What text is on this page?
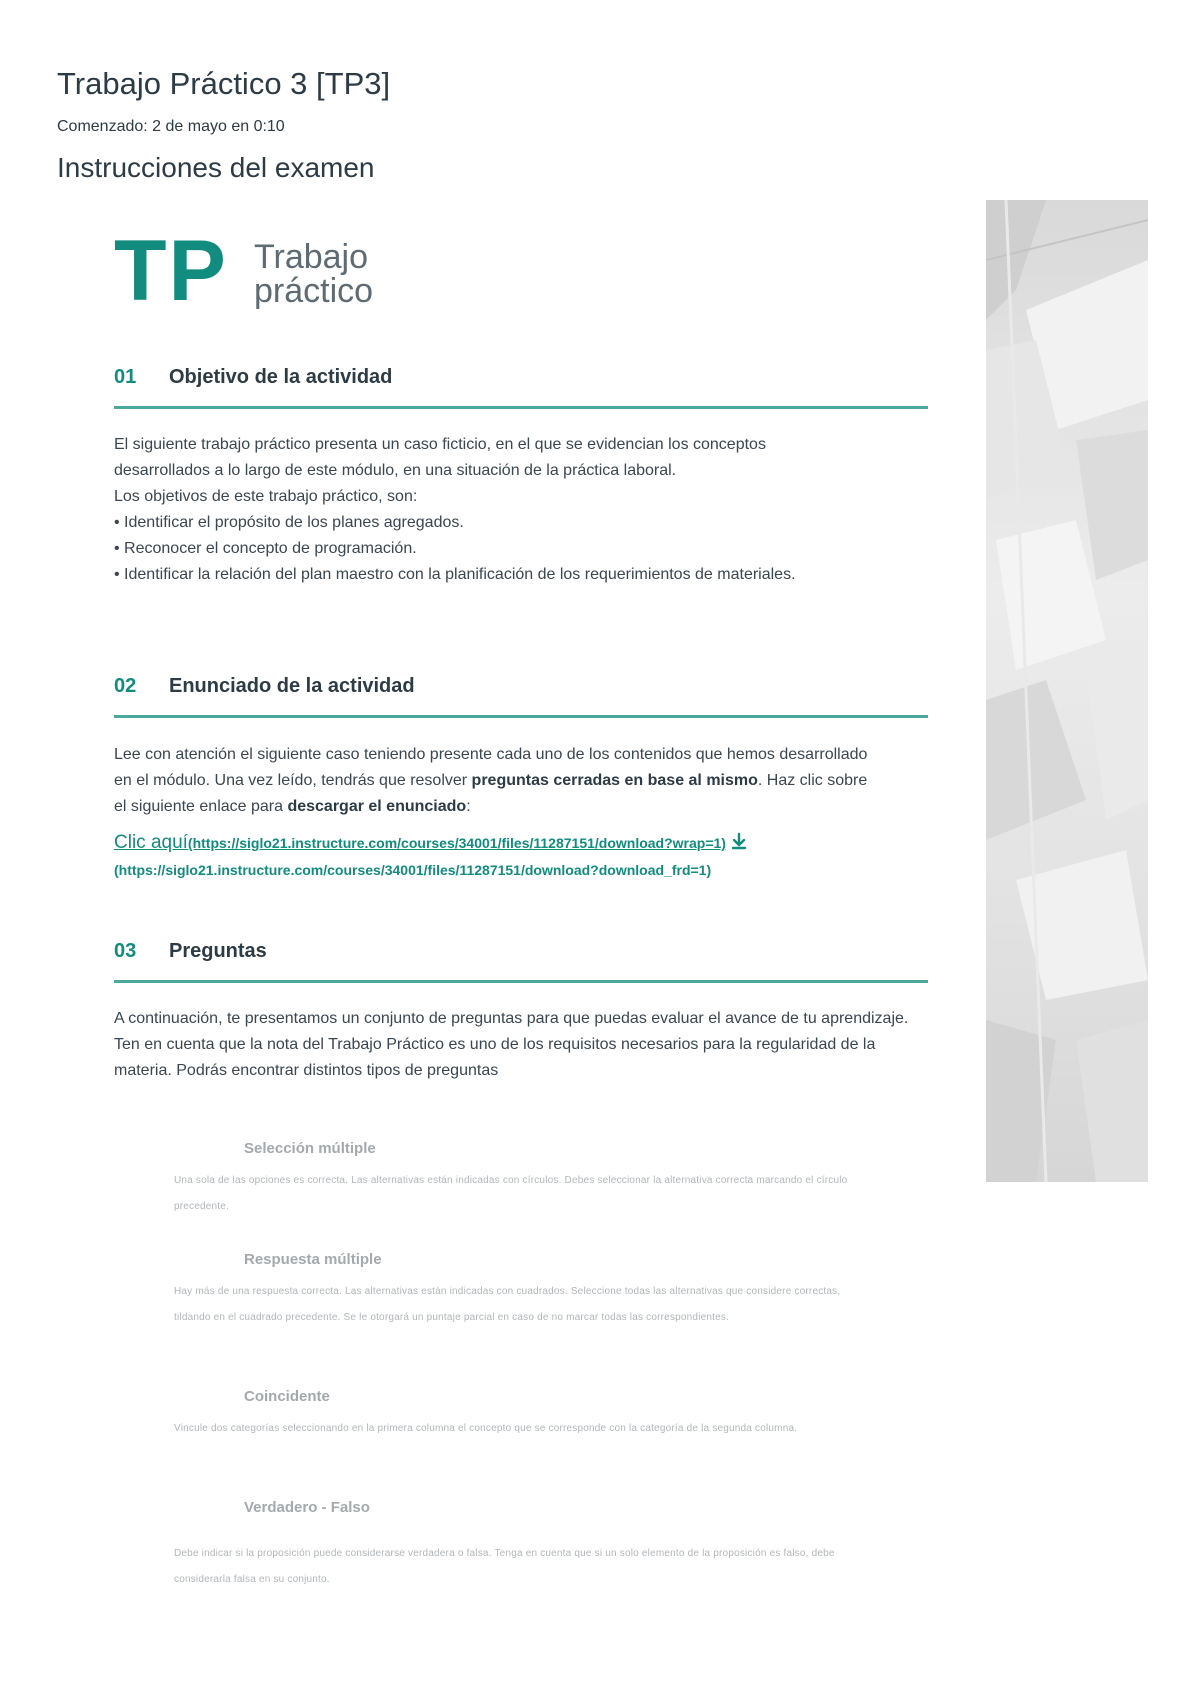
Trabajo Práctico 3 [TP3]
Comenzado: 2 de mayo en 0:10
Instrucciones del examen
TP Trabajo
práctico
01 Objetivo de la actividad
El siguiente trabajo práctico presenta un caso ficticio, en el que se evidencian los conceptos
desarrollados a lo largo de este módulo, en una situación de la práctica laboral.
Los objetivos de este trabajo práctico, son:
• Identificar el propósito de los planes agregados.
• Reconocer el concepto de programación.
• Identificar la relación del plan maestro con la planificación de los requerimientos de materiales.
02 Enunciado de la actividad
Lee con atención el siguiente caso teniendo presente cada uno de los contenidos que hemos desarrollado en el módulo. Una vez leído, tendrás que resolver preguntas cerradas en base al mismo. Haz clic sobre el siguiente enlace para descargar el enunciado:
Clic aquí(https://siglo21.instructure.com/courses/34001/files/11287151/download?wrap=1)
(https://siglo21.instructure.com/courses/34001/files/11287151/download?download_frd=1)
03 Preguntas
A continuación, te presentamos un conjunto de preguntas para que puedas evaluar el avance de tu aprendizaje. Ten en cuenta que la nota del Trabajo Práctico es uno de los requisitos necesarios para la regularidad de la materia. Podrás encontrar distintos tipos de preguntas
Selección múltiple
Una sola de las opciones es correcta. Las alternativas están indicadas con círculos. Debes seleccionar la alternativa correcta marcando el círculo precedente.
Respuesta múltiple
Hay más de una respuesta correcta. Las alternativas están indicadas con cuadrados. Seleccione todas las alternativas que considere correctas, tildando en el cuadrado precedente. Se le otorgará un puntaje parcial en caso de no marcar todas las correspondientes.
Coincidente
Vincule dos categorías seleccionando en la primera columna el concepto que se corresponde con la categoría de la segunda columna.
Verdadero - Falso
Debe indicar si la proposición puede considerarse verdadera o falsa. Tenga en cuenta que si un solo elemento de la proposición es falso, debe considerarla falsa en su conjunto.
